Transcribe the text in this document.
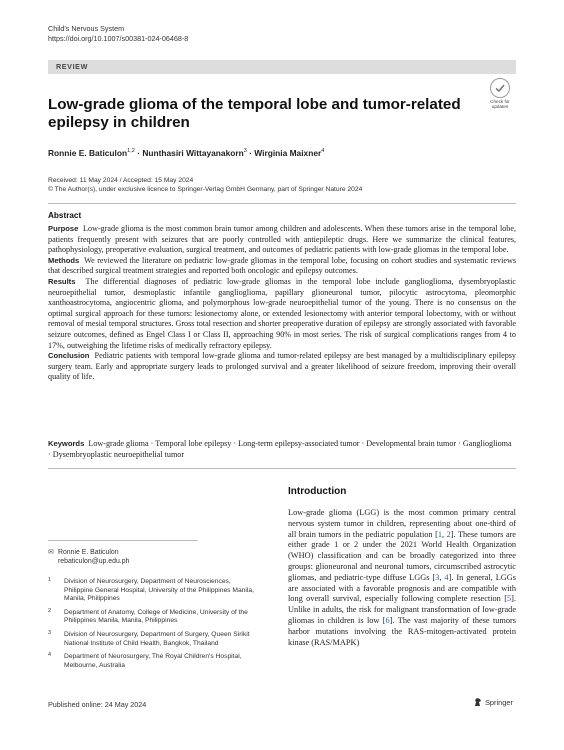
Child's Nervous System
https://doi.org/10.1007/s00381-024-06468-8
REVIEW
Check for
updates
Low-grade glioma of the temporal lobe and tumor-related epilepsy in children
Ronnie E. Baticulon$^{1,2}$ · Nunthasiri Wittayanakorn$^3$ · Wirginia Maixner$^4$
Received: 11 May 2024 / Accepted: 15 May 2024
© The Author(s), under exclusive licence to Springer-Verlag GmbH Germany, part of Springer Nature 2024
Abstract

Purpose Low-grade glioma is the most common brain tumor among children and adolescents. When these tumors arise in the temporal lobe, patients frequently present with seizures that are poorly controlled with antiepileptic drugs. Here we summarize the clinical features, pathophysiology, preoperative evaluation, surgical treatment, and outcomes of pediatric patients with low-grade gliomas in the temporal lobe.

Methods We reviewed the literature on pediatric low-grade gliomas in the temporal lobe, focusing on cohort studies and systematic reviews that described surgical treatment strategies and reported both oncologic and epilepsy outcomes.

Results The differential diagnoses of pediatric low-grade gliomas in the temporal lobe include ganglioglioma, dysembryoplastic neuroepithelial tumor, desmoplastic infantile ganglioglioma, papillary glioneuronal tumor, pilocytic astrocytoma, pleomorphic xanthoastrocytoma, angiocentric glioma, and polymorphous low-grade neuroepithelial tumor of the young. There is no consensus on the optimal surgical approach for these tumors: lesionectomy alone, or extended lesionectomy with anterior temporal lobectomy, with or without removal of mesial temporal structures. Gross total resection and shorter preoperative duration of epilepsy are strongly associated with favorable seizure outcomes, defined as Engel Class I or Class II, approaching 90% in most series. The risk of surgical complications ranges from 4 to 17%, outweighing the lifetime risks of medically refractory epilepsy.

Conclusion Pediatric patients with temporal low-grade glioma and tumor-related epilepsy are best managed by a multidisciplinary epilepsy surgery team. Early and appropriate surgery leads to prolonged survival and a greater likelihood of seizure freedom, improving their overall quality of life.

Keywords Low-grade glioma · Temporal lobe epilepsy · Long-term epilepsy-associated tumor · Developmental brain tumor · Ganglioglioma · Dysembryoplastic neuroepithelial tumor
Introduction
Low-grade glioma (LGG) is the most common primary central nervous system tumor in children, representing about one-third of all brain tumors in the pediatric population [1, 2]. These tumors are either grade 1 or 2 under the 2021 World Health Organization (WHO) classification and can be broadly categorized into three groups: glioneuronal and neuronal tumors, circumscribed astrocytic gliomas, and pediatric-type diffuse LGGs [3, 4]. In general, LGGs are associated with a favorable prognosis and are compatible with long overall survival, especially following complete resection [5]. Unlike in adults, the risk for malignant transformation of low-grade gliomas in children is low [6]. The vast majority of these tumors harbor mutations involving the RAS-mitogen-activated protein kinase (RAS/MAPK)
✉ Ronnie E. Baticulon
rebaticulon@up.edu.ph
1 Division of Neurosurgery, Department of Neurosciences, Philippine General Hospital, University of the Philippines Manila, Manila, Philippines
2 Department of Anatomy, College of Medicine, University of the Philippines Manila, Manila, Philippines
3 Division of Neurosurgery, Department of Surgery, Queen Sirikit National Institute of Child Health, Bangkok, Thailand
4 Department of Neurosurgery, The Royal Children's Hospital, Melbourne, Australia
Published online: 24 May 2024	Springer
